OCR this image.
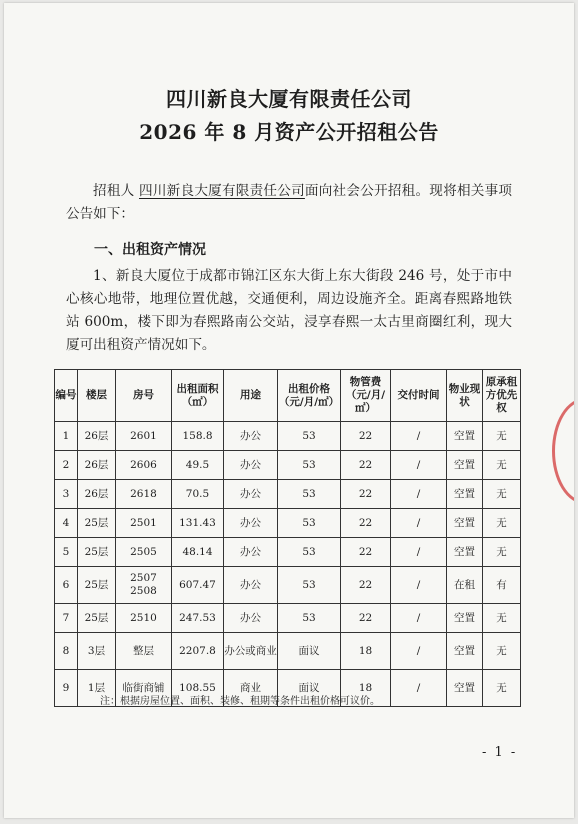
四川新良大厦有限责任公司
2026 年 8 月资产公开招租公告
招租人 四川新良大厦有限责任公司面向社会公开招租。现将相关事项公告如下：
一、出租资产情况
1、新良大厦位于成都市锦江区东大街上东大街段 246 号，处于市中心核心地带，地理位置优越，交通便利，周边设施齐全。距离春熙路地铁站 600m，楼下即为春熙路南公交站，浸享春熙一太古里商圈红利，现大厦可出租资产情况如下。
编号	楼层	房号	出租面积（㎡）	用途	出租价格（元/月/㎡）	物管费（元/月/㎡）	交付时间	物业现状	原承租方优先权
1	26层	2601	158.8	办公	53	22	/	空置	无
2	26层	2606	49.5	办公	53	22	/	空置	无
3	26层	2618	70.5	办公	53	22	/	空置	无
4	25层	2501	131.43	办公	53	22	/	空置	无
5	25层	2505	48.14	办公	53	22	/	空置	无
6	25层	2507 2508	607.47	办公	53	22	/	在租	有
7	25层	2510	247.53	办公	53	22	/	空置	无
8	3层	整层	2207.8	办公或商业	面议	18	/	空置	无
9	1层	临街商铺	108.55	商业	面议	18	/	空置	无
注：根据房屋位置、面积、装修、租期等条件出租价格可议价。
- 1 -
